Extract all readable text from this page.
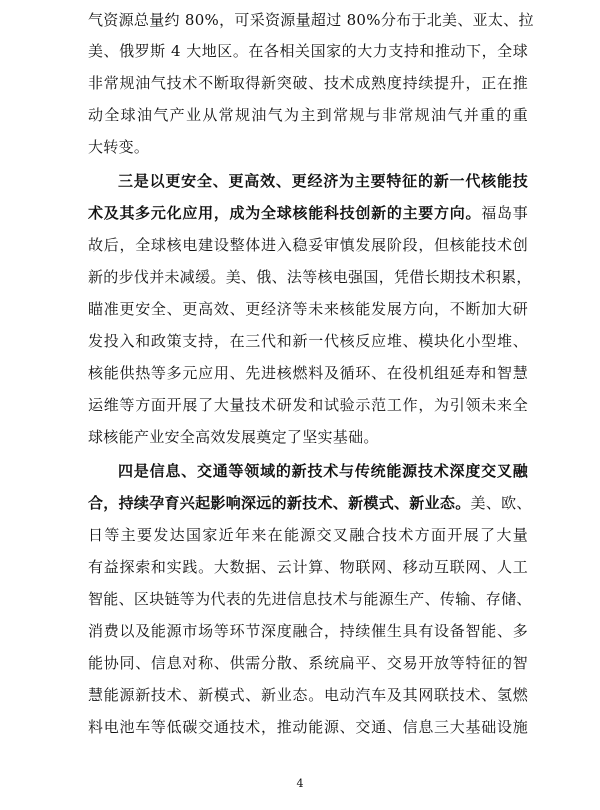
气资源总量约 80%，可采资源量超过 80%分布于北美、亚太、拉
美、俄罗斯 4 大地区。在各相关国家的大力支持和推动下，全球
非常规油气技术不断取得新突破、技术成熟度持续提升，正在推
动全球油气产业从常规油气为主到常规与非常规油气并重的重
大转变。
三是以更安全、更高效、更经济为主要特征的新一代核能技
术及其多元化应用，成为全球核能科技创新的主要方向。福岛事
故后，全球核电建设整体进入稳妥审慎发展阶段，但核能技术创
新的步伐并未减缓。美、俄、法等核电强国，凭借长期技术积累，
瞄准更安全、更高效、更经济等未来核能发展方向，不断加大研
发投入和政策支持，在三代和新一代核反应堆、模块化小型堆、
核能供热等多元应用、先进核燃料及循环、在役机组延寿和智慧
运维等方面开展了大量技术研发和试验示范工作，为引领未来全
球核能产业安全高效发展奠定了坚实基础。
四是信息、交通等领域的新技术与传统能源技术深度交叉融
合，持续孕育兴起影响深远的新技术、新模式、新业态。美、欧、
日等主要发达国家近年来在能源交叉融合技术方面开展了大量
有益探索和实践。大数据、云计算、物联网、移动互联网、人工
智能、区块链等为代表的先进信息技术与能源生产、传输、存储、
消费以及能源市场等环节深度融合，持续催生具有设备智能、多
能协同、信息对称、供需分散、系统扁平、交易开放等特征的智
慧能源新技术、新模式、新业态。电动汽车及其网联技术、氢燃
料电池车等低碳交通技术，推动能源、交通、信息三大基础设施
4
